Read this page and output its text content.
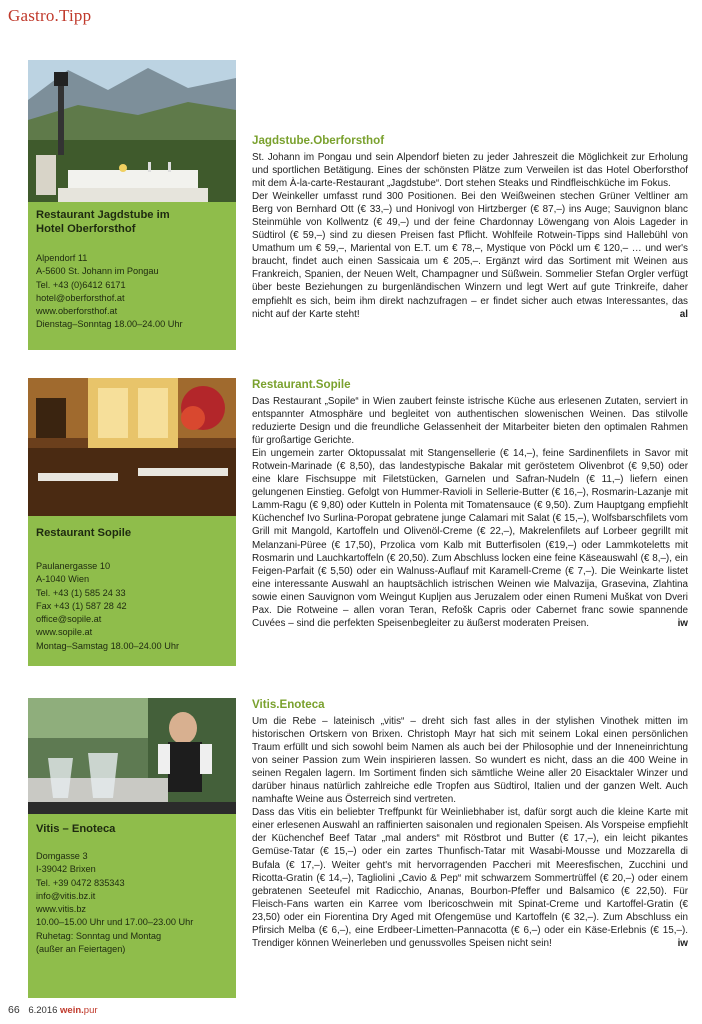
Gastro.Tipp
Restaurant Jagdstube im
Hotel Oberforsthof
Alpendorf 11
A-5600 St. Johann im Pongau
Tel. +43 (0)6412 6171
hotel@oberforsthof.at
www.oberforsthof.at
Dienstag–Sonntag 18.00–24.00 Uhr
Jagdstube.Oberforsthof

St. Johann im Pongau und sein Alpendorf bieten zu jeder Jahreszeit die Möglichkeit zur Erholung und sportlichen Betätigung. Eines der schönsten Plätze zum Verweilen ist das Hotel Oberforsthof mit dem À-la-carte-Restaurant „Jagdstube“. Dort stehen Steaks und Rindfleischküche im Fokus.

Der Weinkeller umfasst rund 300 Positionen. Bei den Weißweinen stechen Grüner Veltliner am Berg von Bernhard Ott (€ 33,–) und Honivogl von Hirtzberger (€ 87,–) ins Auge; Sauvignon blanc Steinmühle von Kollwentz (€ 49,–) und der feine Chardonnay Löwengang von Alois Lageder in Südtirol (€ 59,–) sind zu diesen Preisen fast Pflicht. Wohlfeile Rotwein-Tipps sind Hallebühl von Umathum um € 59,–, Mariental von E.T. um € 78,–, Mystique von Pöckl um € 120,– … und wer's braucht, findet auch einen Sassicaia um € 205,–. Ergänzt wird das Sortiment mit Weinen aus Frankreich, Spanien, der Neuen Welt, Champagner und Süßwein. Sommelier Stefan Orgler verfügt über beste Beziehungen zu burgenländischen Winzern und legt Wert auf gute Trinkreife, daher empfiehlt es sich, beim ihm direkt nachzufragen – er findet sicher auch etwas Interessantes, das nicht auf der Karte steht!	al

Restaurant Sopile
Paulanergasse 10
A-1040 Wien
Tel. +43 (1) 585 24 33
Fax +43 (1) 587 28 42
office@sopile.at
www.sopile.at
Montag–Samstag 18.00–24.00 Uhr
Restaurant.Sopile

Das Restaurant „Sopile“ in Wien zaubert feinste istrische Küche aus erlesenen Zutaten, serviert in entspannter Atmosphäre und begleitet von authentischen slowenischen Weinen. Das stilvolle reduzierte Design und die freundliche Gelassenheit der Mitarbeiter bieten den optimalen Rahmen für großartige Gerichte.

Ein ungemein zarter Oktopussalat mit Stangensellerie (€ 14,–), feine Sardinenfilets in Savor mit Rotwein-Marinade (€ 8,50), das landestypische Bakalar mit geröstetem Olivenbrot (€ 9,50) oder eine klare Fischsuppe mit Filetstücken, Garnelen und Safran-Nudeln (€ 11,–) liefern einen gelungenen Einstieg. Gefolgt von Hummer-Ravioli in Sellerie-Butter (€ 16,–), Rosmarin-Lazanje mit Lamm-Ragu (€ 9,80) oder Kutteln in Polenta mit Tomatensauce (€ 9,50). Zum Hauptgang empfiehlt Küchenchef Ivo Surlina-Poropat gebratene junge Calamari mit Salat (€ 15,–), Wolfsbarschfilets vom Grill mit Mangold, Kartoffeln und Olivenöl-Creme (€ 22,–), Makrelenfilets auf Lorbeer gegrillt mit Melanzani-Püree (€ 17,50), Przolica vom Kalb mit Butterfisolen (€19,–) oder Lammkoteletts mit Rosmarin und Lauchkartoffeln (€ 20,50). Zum Abschluss locken eine feine Käseauswahl (€ 8,–), ein Feigen-Parfait (€ 5,50) oder ein Walnuss-Auflauf mit Karamell-Creme (€ 7,–). Die Weinkarte listet eine interessante Auswahl an hauptsächlich istrischen Weinen wie Malvazija, Grasevina, Zlahtina sowie einen Sauvignon vom Weingut Kupljen aus Jeruzalem oder einen Rumeni Muškat von Dveri Pax. Die Rotweine – allen voran Teran, Refošk Capris oder Cabernet franc sowie spannende Cuvées – sind die perfekten Speisenbegleiter zu äußerst moderaten Preisen.	iw

Vitis – Enoteca
Domgasse 3
I-39042 Brixen
Tel. +39 0472 835343
info@vitis.bz.it
www.vitis.bz
10.00–15.00 Uhr und 17.00–23.00 Uhr
Ruhetag: Sonntag und Montag
(außer an Feiertagen)
Vitis.Enoteca

Um die Rebe – lateinisch „vitis“ – dreht sich fast alles in der stylishen Vinothek mitten im historischen Ortskern von Brixen. Christoph Mayr hat sich mit seinem Lokal einen persönlichen Traum erfüllt und sich sowohl beim Namen als auch bei der Philosophie und der Inneneinrichtung von seiner Passion zum Wein inspirieren lassen. So wundert es nicht, dass an die 400 Weine in seinen Regalen lagern. Im Sortiment finden sich sämtliche Weine aller 20 Eisacktaler Winzer und darüber hinaus natürlich zahlreiche edle Tropfen aus Südtirol, Italien und der ganzen Welt. Auch namhafte Weine aus Österreich sind vertreten.

Dass das Vitis ein beliebter Treffpunkt für Weinliebhaber ist, dafür sorgt auch die kleine Karte mit einer erlesenen Auswahl an raffinierten saisonalen und regionalen Speisen. Als Vorspeise empfiehlt der Küchenchef Beef Tatar „mal anders“ mit Röstbrot und Butter (€ 17,–), ein leicht pikantes Gemüse-Tatar (€ 15,–) oder ein zartes Thunfisch-Tatar mit Wasabi-Mousse und Mozzarella di Bufala (€ 17,–). Weiter geht's mit hervorragenden Paccheri mit Meeresfischen, Zucchini und Ricotta-Gratin (€ 14,–), Tagliolini „Cavio & Pep“ mit schwarzem Sommertrüffel (€ 20,–) oder einem gebratenen Seeteufel mit Radicchio, Ananas, Bourbon-Pfeffer und Balsamico (€ 22,50). Für Fleisch-Fans warten ein Karree vom Ibericoschwein mit Spinat-Creme und Kartoffel-Gratin (€ 23,50) oder ein Fiorentina Dry Aged mit Ofengemüse und Kartoffeln (€ 32,–). Zum Abschluss ein Pfirsich Melba (€ 6,–), eine Erdbeer-Limetten-Pannacotta (€ 6,–) oder ein Käse-Erlebnis (€ 15,–). Trendiger können Weinerleben und genussvolles Speisen nicht sein!	iw

66 6.2016 wein.pur
